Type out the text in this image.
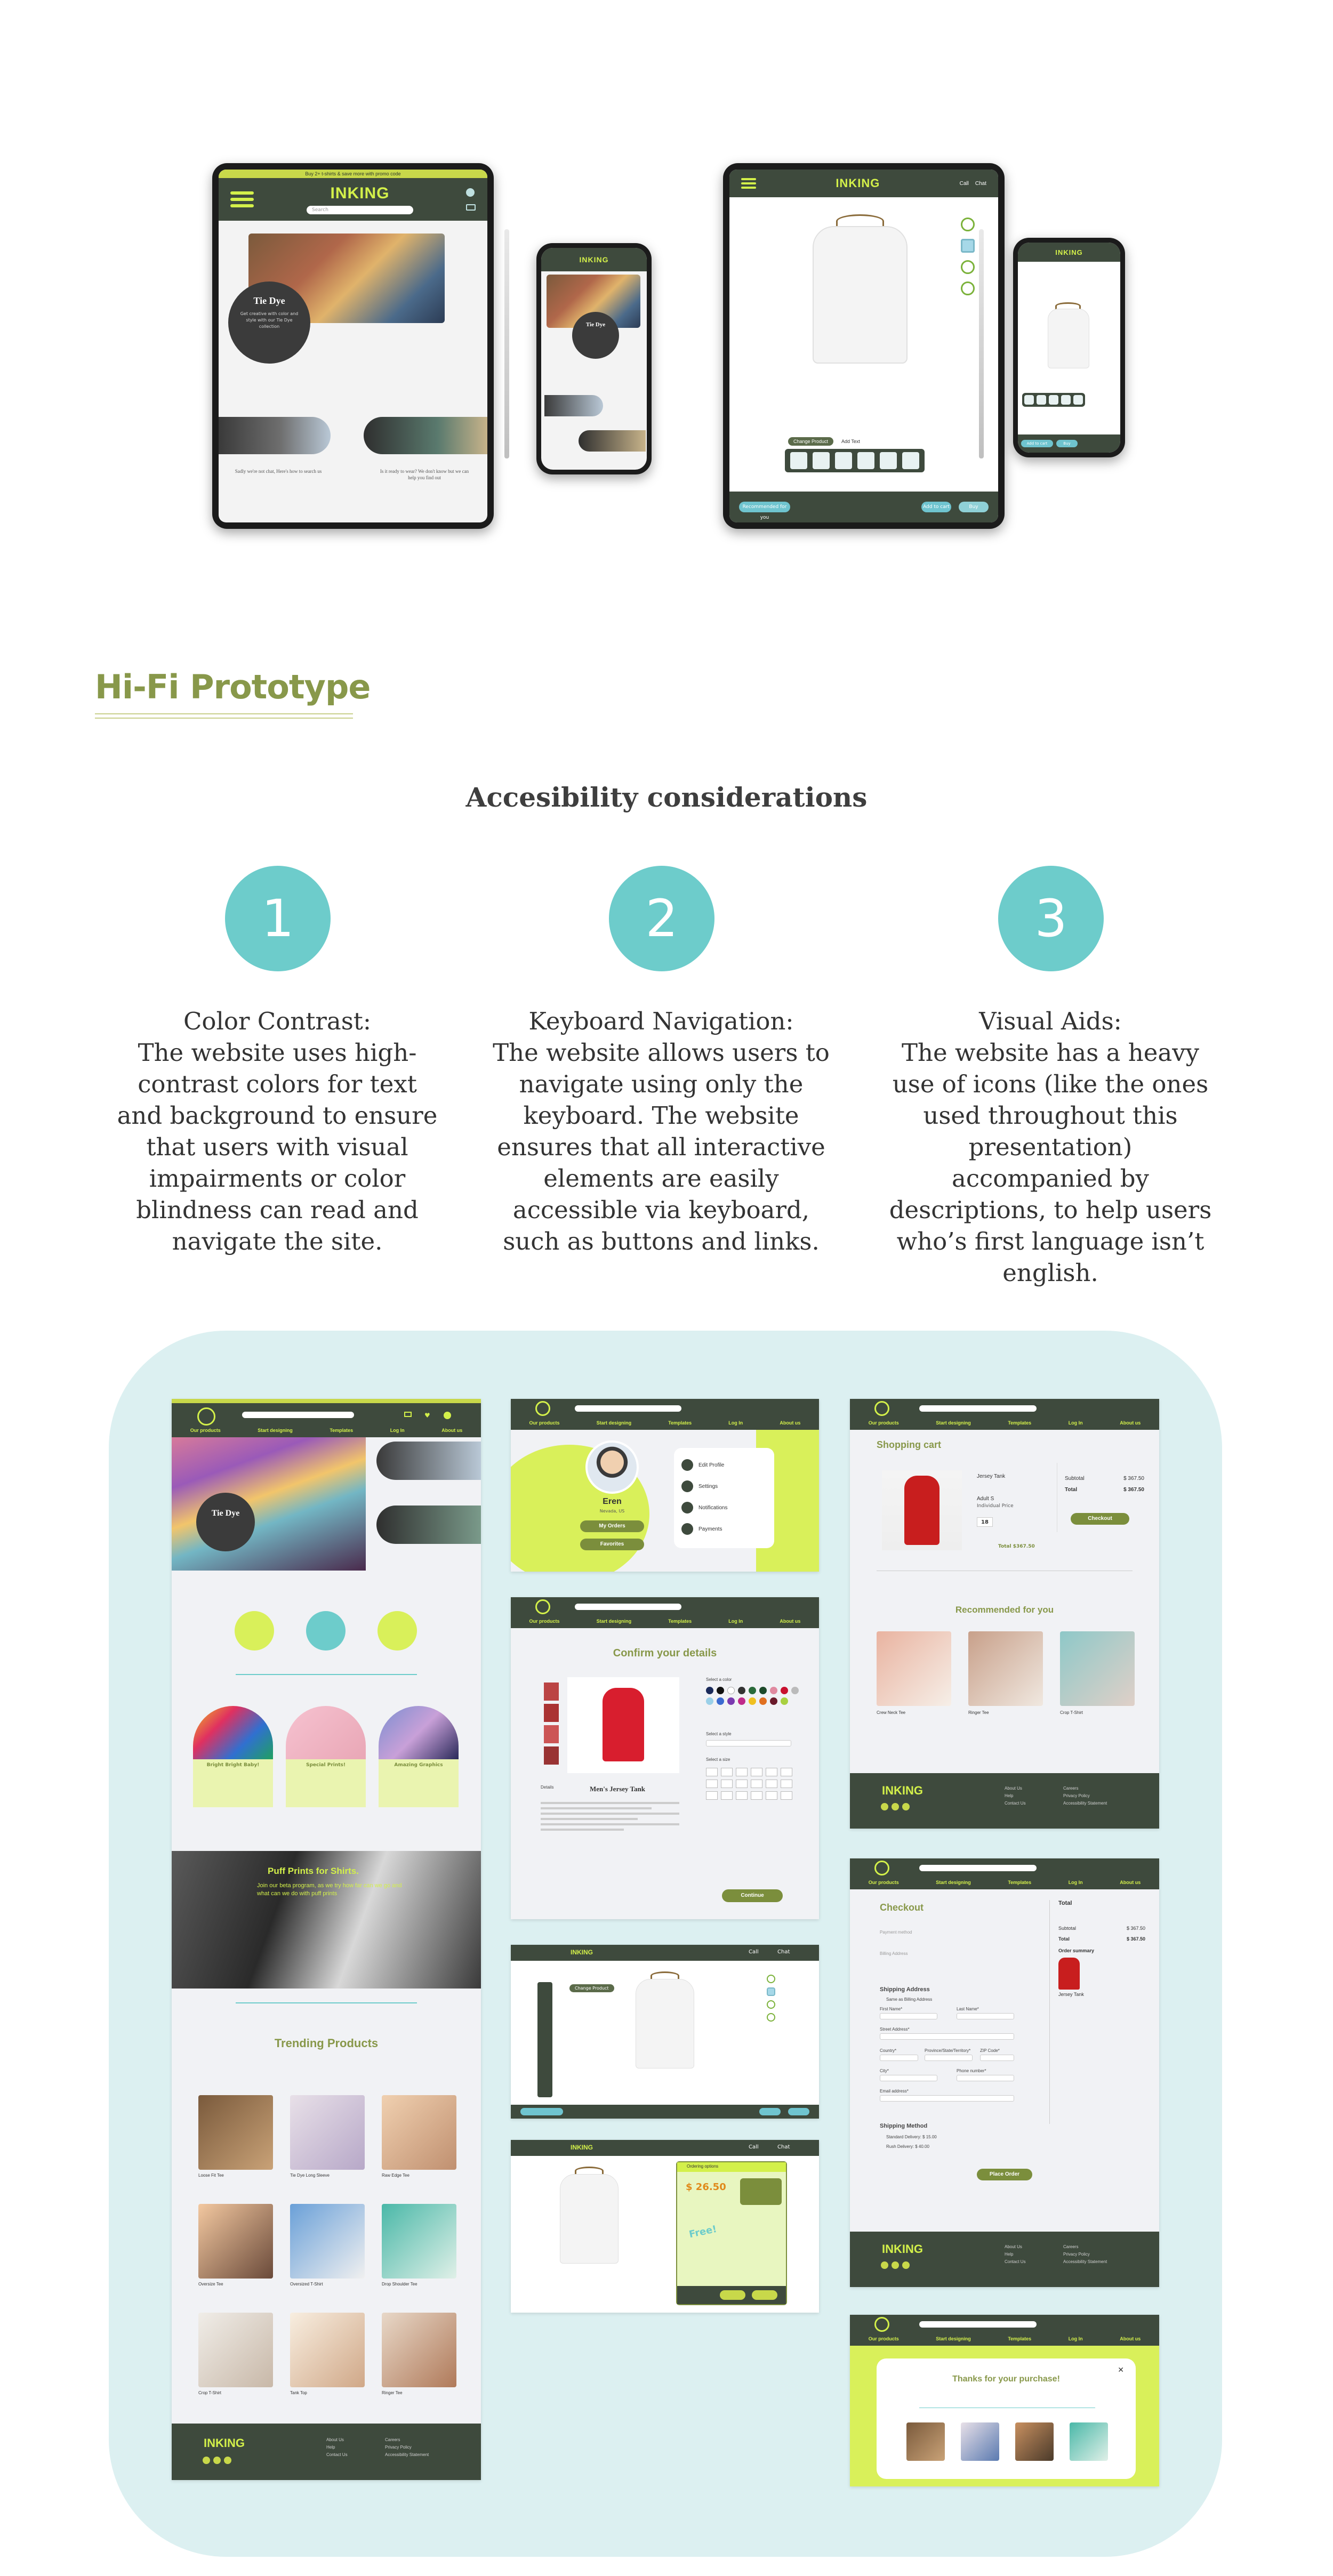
Buy 2+ t-shirts & save more with promo code
INKING
Search
Tie Dye

Get creative with color and style with our Tie Dye collection

Sadly we're not chat, Here's how to search us	Is it ready to wear? We don't know but we can help you find out
INKING
Tie Dye
INKING	Call Chat
Change Product	Add Text
Recommended for you
Add to cart	Buy
INKING
Add to cart	Buy
Hi-Fi Prototype
Accesibility considerations
1	2	3
Color Contrast:
The website uses high-contrast colors for text and background to ensure that users with visual impairments or color blindness can read and navigate the site.
Keyboard Navigation:
The website allows users to navigate using only the keyboard. The website ensures that all interactive elements are easily accessible via keyboard, such as buttons and links.
Visual Aids:
The website has a heavy use of icons (like the ones used throughout this presentation) accompanied by descriptions, to help users who’s first language isn’t english.
♥
Our products	Start designing	Templates	Log In	About us
Tie Dye
Bright Bright Baby!	Special Prints!	Amazing Graphics
Puff Prints for Shirts.
Join our beta program, as we try how far can we go and what can we do with puff prints
Trending Products
Loose Fit Tee	Tie Dye Long Sleeve	Raw Edge Tee
Oversize Tee	Oversized T-Shirt	Drop Shoulder Tee
Crop T-Shirt	Tank Top	Ringer Tee
INKING	About Us
Help
Contact Us
Careers
Privacy Policy
Accessibility Statement
Our products	Start designing	Templates	Log In	About us
Eren
Nevada, US
My Orders
Favorites
Edit Profile
Settings
Notifications
Payments
Our products	Start designing	Templates	Log In	About us
Confirm your details
Details	Men's Jersey Tank
Select a color
Select a style
Select a size
Continue
INKING	Call	Chat
Change Product
INKING	Call	Chat
Ordering options
$ 26.50
Free!
Our products	Start designing	Templates	Log In	About us
Shopping cart
Jersey Tank
Adult S
Individual Price
18
Total $367.50
Subtotal	$ 367.50
Total	$ 367.50
Checkout
Recommended for you
Crew Neck Tee	Ringer Tee	Crop T-Shirt
INKING	About Us
Help
Contact Us
Careers
Privacy Policy
Accessibility Statement
Our products	Start designing	Templates	Log In	About us
Checkout
Payment method
Billing Address
Shipping Address
Same as Billing Address
First Name*	Last Name*
Street Address*
Country*	Province/State/Territory* ZIP Code*
City*	Phone number*
Email address*
Shipping Method
Standard Delivery: $ 15.00
Rush Delivery: $ 40.00
Place Order
Total
Subtotal	$ 367.50
Total	$ 367.50
Order summary
Jersey Tank
INKING	About Us
Help
Contact Us
Careers
Privacy Policy
Accessibility Statement
Our products	Start designing	Templates	Log In	About us
✕
Thanks for your purchase!
